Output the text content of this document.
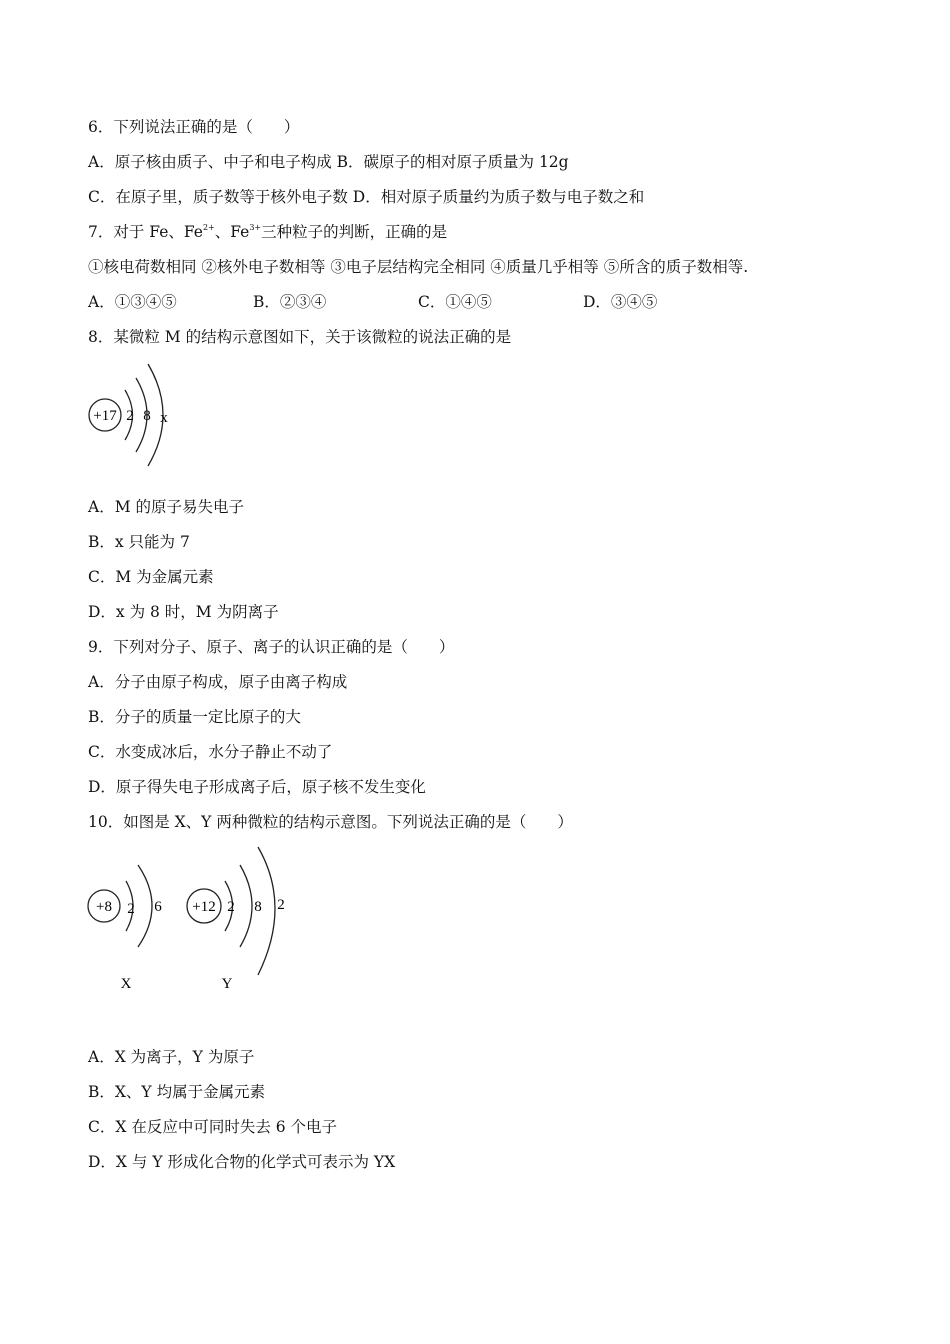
6．下列说法正确的是（　　）
A．原子核由质子、中子和电子构成 B．碳原子的相对原子质量为 12g
C．在原子里，质子数等于核外电子数 D．相对原子质量约为质子数与电子数之和
7．对于 Fe、$Fe^{2+}$、$Fe^{3+}$三种粒子的判断，正确的是
①核电荷数相同 ②核外电子数相等 ③电子层结构完全相同 ④质量几乎相等 ⑤所含的质子数相等.
A．①③④⑤	B．②③④	C．①④⑤	D．③④⑤
8．某微粒 M 的结构示意图如下，关于该微粒的说法正确的是
+17 2 8 x
A．M 的原子易失电子
B．x 只能为 7
C．M 为金属元素
D．x 为 8 时，M 为阴离子
9．下列对分子、原子、离子的认识正确的是（　　）
A．分子由原子构成，原子由离子构成
B．分子的质量一定比原子的大
C．水变成冰后，水分子静止不动了
D．原子得失电子形成离子后，原子核不发生变化
10．如图是 X、Y 两种微粒的结构示意图。下列说法正确的是（　　）
+8 2 6
X
+12 2 8 2
Y
A．X 为离子，Y 为原子
B．X、Y 均属于金属元素
C．X 在反应中可同时失去 6 个电子
D．X 与 Y 形成化合物的化学式可表示为 YX
